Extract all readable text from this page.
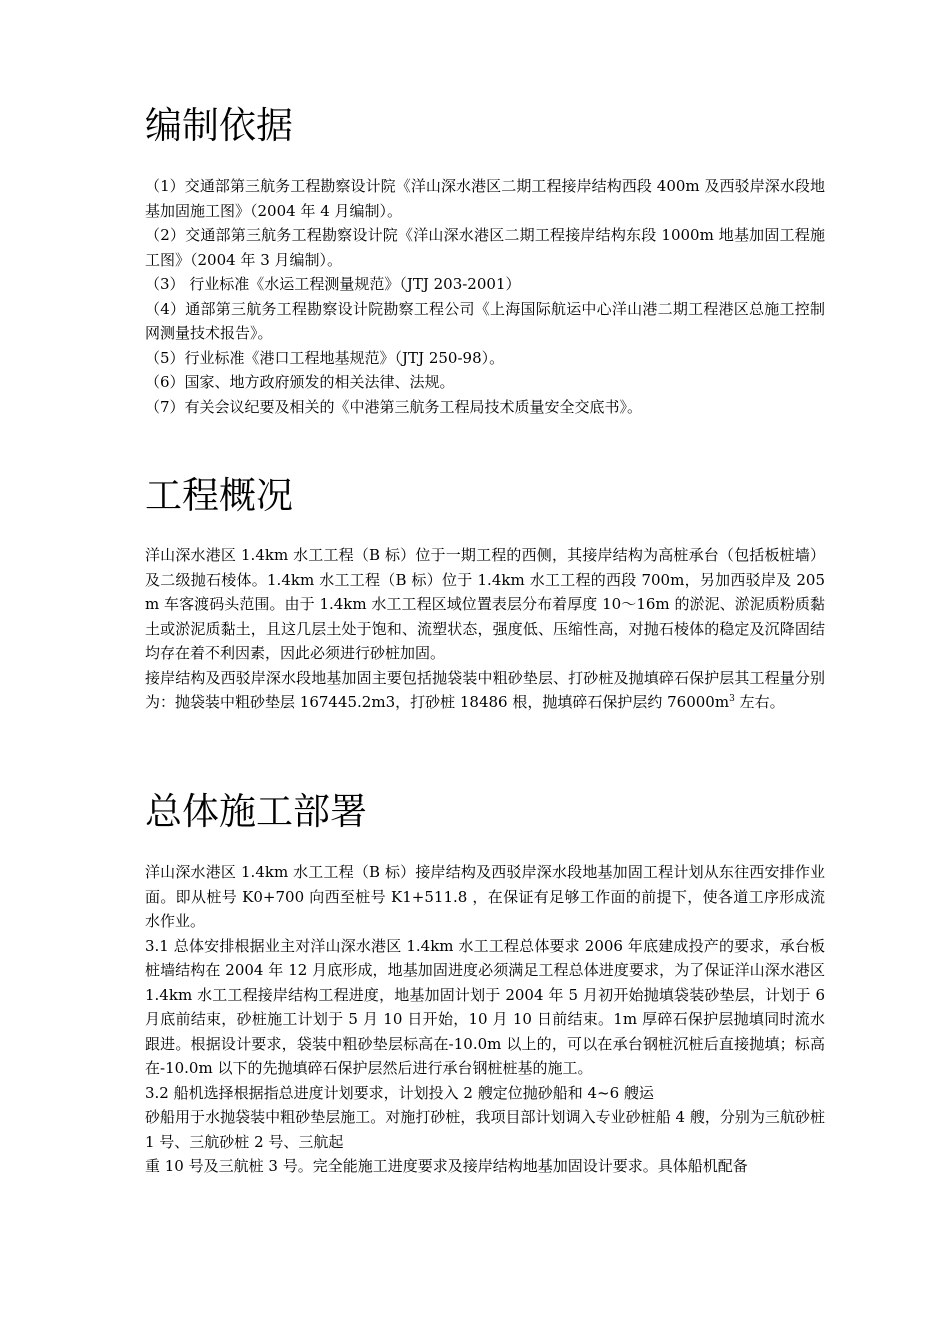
编制依据

（1）交通部第三航务工程勘察设计院《洋山深水港区二期工程接岸结构西段 400m 及西驳岸深水段地基加固施工图》（2004 年 4 月编制）。

（2）交通部第三航务工程勘察设计院《洋山深水港区二期工程接岸结构东段 1000m 地基加固工程施工图》（2004 年 3 月编制）。

（3） 行业标准《水运工程测量规范》（JTJ 203-2001）

（4）通部第三航务工程勘察设计院勘察工程公司《上海国际航运中心洋山港二期工程港区总施工控制网测量技术报告》。

（5）行业标准《港口工程地基规范》（JTJ 250-98）。

（6）国家、地方政府颁发的相关法律、法规。

（7）有关会议纪要及相关的《中港第三航务工程局技术质量安全交底书》。

工程概况

洋山深水港区 1.4km 水工工程（B 标）位于一期工程的西侧，其接岸结构为高桩承台（包括板桩墙）及二级抛石棱体。1.4km 水工工程（B 标）位于 1.4km 水工工程的西段 700m，另加西驳岸及 205m 车客渡码头范围。由于 1.4km 水工工程区域位置表层分布着厚度 10～16m 的淤泥、淤泥质粉质黏土或淤泥质黏土，且这几层土处于饱和、流塑状态，强度低、压缩性高，对抛石棱体的稳定及沉降固结均存在着不利因素，因此必须进行砂桩加固。

接岸结构及西驳岸深水段地基加固主要包括抛袋装中粗砂垫层、打砂桩及抛填碎石保护层其工程量分别为：抛袋装中粗砂垫层 167445.2m3，打砂桩 18486 根，抛填碎石保护层约 $76000m^3$ 左右。

总体施工部署

洋山深水港区 1.4km 水工工程（B 标）接岸结构及西驳岸深水段地基加固工程计划从东往西安排作业面。即从桩号 K0+700 向西至桩号 K1+511.8 ，在保证有足够工作面的前提下，使各道工序形成流水作业。

3.1 总体安排根据业主对洋山深水港区 1.4km 水工工程总体要求 2006 年底建成投产的要求，承台板桩墙结构在 2004 年 12 月底形成，地基加固进度必须满足工程总体进度要求，为了保证洋山深水港区 1.4km 水工工程接岸结构工程进度，地基加固计划于 2004 年 5 月初开始抛填袋装砂垫层，计划于 6 月底前结束，砂桩施工计划于 5 月 10 日开始，10 月 10 日前结束。1m 厚碎石保护层抛填同时流水跟进。根据设计要求，袋装中粗砂垫层标高在-10.0m 以上的，可以在承台钢桩沉桩后直接抛填；标高在-10.0m 以下的先抛填碎石保护层然后进行承台钢桩桩基的施工。

3.2 船机选择根据指总进度计划要求，计划投入 2 艘定位抛砂船和 4~6 艘运

砂船用于水抛袋装中粗砂垫层施工。对施打砂桩，我项目部计划调入专业砂桩船 4 艘，分别为三航砂桩 1 号、三航砂桩 2 号、三航起

重 10 号及三航桩 3 号。完全能施工进度要求及接岸结构地基加固设计要求。具体船机配备
